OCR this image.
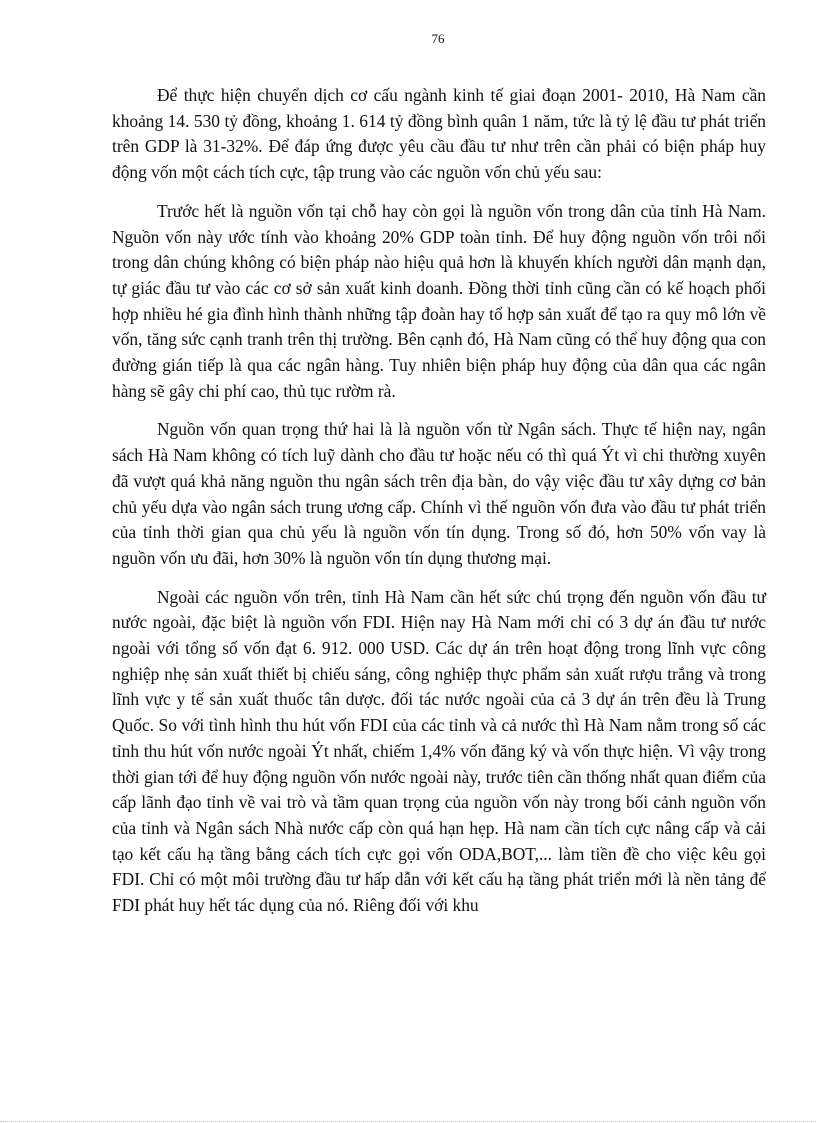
76

Để thực hiện chuyển dịch cơ cấu ngành kinh tế giai đoạn 2001- 2010, Hà Nam cần khoảng 14. 530 tỷ đồng, khoảng 1. 614 tỷ đồng bình quân 1 năm, tức là tỷ lệ đầu tư phát triển trên GDP là 31-32%. Để đáp ứng được yêu cầu đầu tư như trên cần phải có biện pháp huy động vốn một cách tích cực, tập trung vào các nguồn vốn chủ yếu sau:

Trước hết là nguồn vốn tại chỗ hay còn gọi là nguồn vốn trong dân của tỉnh Hà Nam. Nguồn vốn này ước tính vào khoảng 20% GDP toàn tỉnh. Để huy động nguồn vốn trôi nổi trong dân chúng không có biện pháp nào hiệu quả hơn là khuyến khích người dân mạnh dạn, tự giác đầu tư vào các cơ sở sản xuất kinh doanh. Đồng thời tỉnh cũng cần có kế hoạch phối hợp nhiều hé gia đình hình thành những tập đoàn hay tổ hợp sản xuất để tạo ra quy mô lớn về vốn, tăng sức cạnh tranh trên thị trường. Bên cạnh đó, Hà Nam cũng có thể huy động qua con đường gián tiếp là qua các ngân hàng. Tuy nhiên biện pháp huy động của dân qua các ngân hàng sẽ gây chi phí cao, thủ tục rườm rà.

Nguồn vốn quan trọng thứ hai là là nguồn vốn từ Ngân sách. Thực tế hiện nay, ngân sách Hà Nam không có tích luỹ dành cho đầu tư hoặc nếu có thì quá Ýt vì chi thường xuyên đã vượt quá khả năng nguồn thu ngân sách trên địa bàn, do vậy việc đầu tư xây dựng cơ bản chủ yếu dựa vào ngân sách trung ương cấp. Chính vì thế nguồn vốn đưa vào đầu tư phát triển của tỉnh thời gian qua chủ yếu là nguồn vốn tín dụng. Trong số đó, hơn 50% vốn vay là nguồn vốn ưu đãi, hơn 30% là nguồn vốn tín dụng thương mại.

Ngoài các nguồn vốn trên, tỉnh Hà Nam cần hết sức chú trọng đến nguồn vốn đầu tư nước ngoài, đặc biệt là nguồn vốn FDI. Hiện nay Hà Nam mới chỉ có 3 dự án đầu tư nước ngoài với tổng số vốn đạt 6. 912. 000 USD. Các dự án trên hoạt động trong lĩnh vực công nghiệp nhẹ sản xuất thiết bị chiếu sáng, công nghiệp thực phẩm sản xuất rượu trắng và trong lĩnh vực y tế sản xuất thuốc tân dược. đối tác nước ngoài của cả 3 dự án trên đều là Trung Quốc. So với tình hình thu hút vốn FDI của các tỉnh và cả nước thì Hà Nam nằm trong số các tỉnh thu hút vốn nước ngoài Ýt nhất, chiếm 1,4% vốn đăng ký và vốn thực hiện. Vì vậy trong thời gian tới để huy động nguồn vốn nước ngoài này, trước tiên cần thống nhất quan điểm của cấp lãnh đạo tỉnh về vai trò và tầm quan trọng của nguồn vốn này trong bối cảnh nguồn vốn của tỉnh và Ngân sách Nhà nước cấp còn quá hạn hẹp. Hà nam cần tích cực nâng cấp và cải tạo kết cấu hạ tầng bằng cách tích cực gọi vốn ODA,BOT,... làm tiền đề cho việc kêu gọi FDI. Chỉ có một môi trường đầu tư hấp dẫn với kết cấu hạ tầng phát triển mới là nền tảng để FDI phát huy hết tác dụng của nó. Riêng đối với khu
